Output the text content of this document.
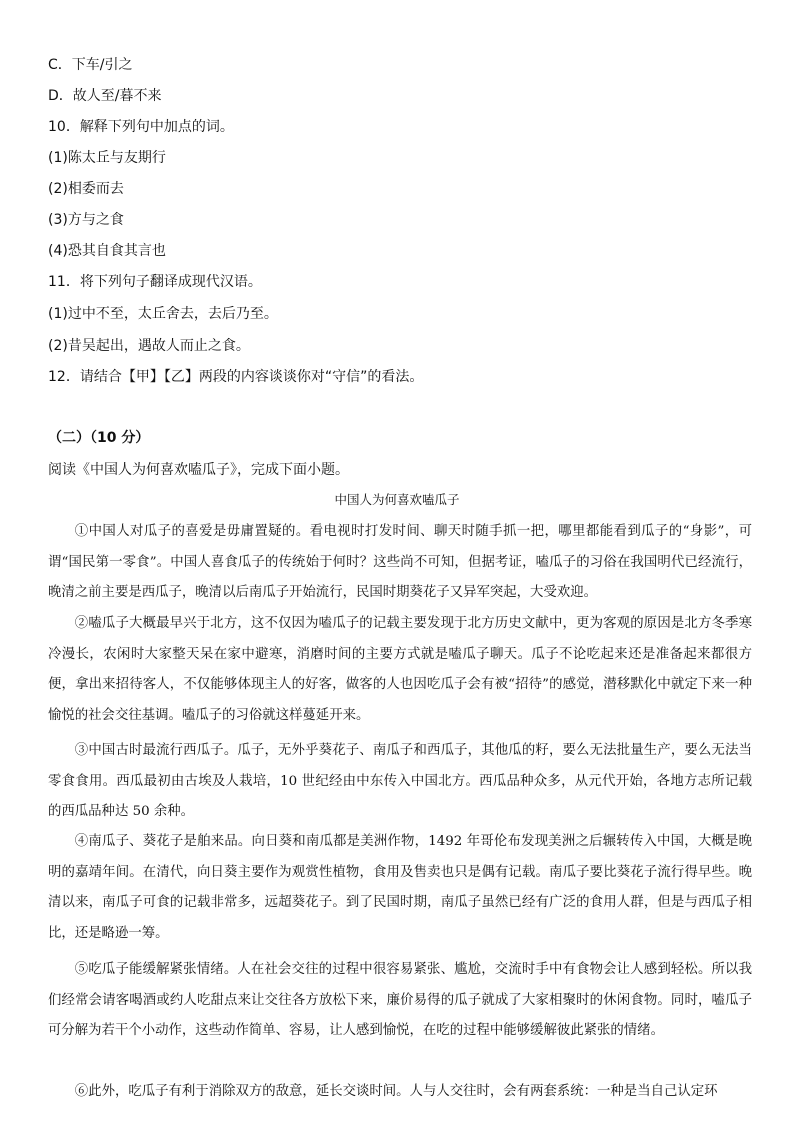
C．下车/引之
D．故人至/暮不来
10．解释下列句中加点的词。
(1)陈太丘与友期行
(2)相委而去
(3)方与之食
(4)恐其自食其言也
11．将下列句子翻译成现代汉语。
(1)过中不至，太丘舍去，去后乃至。
(2)昔吴起出，遇故人而止之食。
12．请结合【甲】【乙】两段的内容谈谈你对“守信”的看法。
（二）（10 分）
阅读《中国人为何喜欢嗑瓜子》，完成下面小题。
中国人为何喜欢嗑瓜子

①中国人对瓜子的喜爱是毋庸置疑的。看电视时打发时间、聊天时随手抓一把，哪里都能看到瓜子的“身影”，可谓“国民第一零食”。中国人喜食瓜子的传统始于何时？这些尚不可知，但据考证，嗑瓜子的习俗在我国明代已经流行，晚清之前主要是西瓜子，晚清以后南瓜子开始流行，民国时期葵花子又异军突起，大受欢迎。

②嗑瓜子大概最早兴于北方，这不仅因为嗑瓜子的记载主要发现于北方历史文献中，更为客观的原因是北方冬季寒冷漫长，农闲时大家整天呆在家中避寒，消磨时间的主要方式就是嗑瓜子聊天。瓜子不论吃起来还是准备起来都很方便，拿出来招待客人，不仅能够体现主人的好客，做客的人也因吃瓜子会有被“招待”的感觉，潜移默化中就定下来一种愉悦的社会交往基调。嗑瓜子的习俗就这样蔓延开来。

③中国古时最流行西瓜子。瓜子，无外乎葵花子、南瓜子和西瓜子，其他瓜的籽，要么无法批量生产，要么无法当零食食用。西瓜最初由古埃及人栽培，10 世纪经由中东传入中国北方。西瓜品种众多，从元代开始，各地方志所记载的西瓜品种达 50 余种。

④南瓜子、葵花子是舶来品。向日葵和南瓜都是美洲作物，1492 年哥伦布发现美洲之后辗转传入中国，大概是晚明的嘉靖年间。在清代，向日葵主要作为观赏性植物，食用及售卖也只是偶有记载。南瓜子要比葵花子流行得早些。晚清以来，南瓜子可食的记载非常多，远超葵花子。到了民国时期，南瓜子虽然已经有广泛的食用人群，但是与西瓜子相比，还是略逊一筹。

⑤吃瓜子能缓解紧张情绪。人在社会交往的过程中很容易紧张、尴尬，交流时手中有食物会让人感到轻松。所以我们经常会请客喝酒或约人吃甜点来让交往各方放松下来，廉价易得的瓜子就成了大家相聚时的休闲食物。同时，嗑瓜子可分解为若干个小动作，这些动作简单、容易，让人感到愉悦，在吃的过程中能够缓解彼此紧张的情绪。

⑥此外，吃瓜子有利于消除双方的敌意，延长交谈时间。人与人交往时，会有两套系统：一种是当自己认定环
